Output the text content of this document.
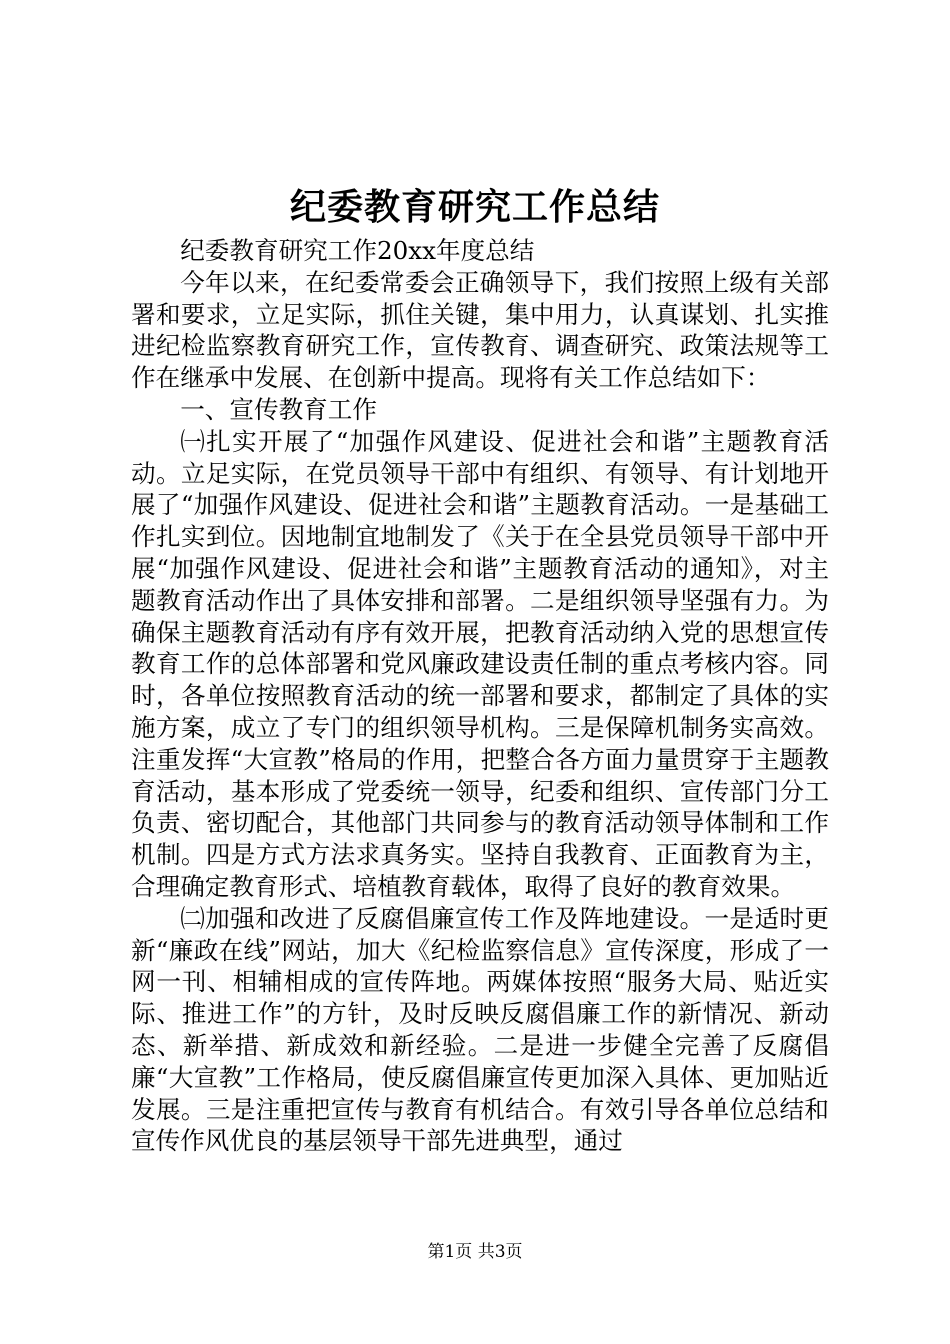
纪委教育研究工作总结

纪委教育研究工作20xx年度总结

今年以来，在纪委常委会正确领导下，我们按照上级有关部署和要求，立足实际，抓住关键，集中用力，认真谋划、扎实推进纪检监察教育研究工作，宣传教育、调查研究、政策法规等工作在继承中发展、在创新中提高。现将有关工作总结如下：

一、宣传教育工作

㈠扎实开展了“加强作风建设、促进社会和谐”主题教育活动。立足实际，在党员领导干部中有组织、有领导、有计划地开展了“加强作风建设、促进社会和谐”主题教育活动。一是基础工作扎实到位。因地制宜地制发了《关于在全县党员领导干部中开展“加强作风建设、促进社会和谐”主题教育活动的通知》，对主题教育活动作出了具体安排和部署。二是组织领导坚强有力。为确保主题教育活动有序有效开展，把教育活动纳入党的思想宣传教育工作的总体部署和党风廉政建设责任制的重点考核内容。同时，各单位按照教育活动的统一部署和要求，都制定了具体的实施方案，成立了专门的组织领导机构。三是保障机制务实高效。注重发挥“大宣教”格局的作用，把整合各方面力量贯穿于主题教育活动，基本形成了党委统一领导，纪委和组织、宣传部门分工负责、密切配合，其他部门共同参与的教育活动领导体制和工作机制。四是方式方法求真务实。坚持自我教育、正面教育为主，合理确定教育形式、培植教育载体，取得了良好的教育效果。

㈡加强和改进了反腐倡廉宣传工作及阵地建设。一是适时更新“廉政在线”网站，加大《纪检监察信息》宣传深度，形成了一网一刊、相辅相成的宣传阵地。两媒体按照“服务大局、贴近实际、推进工作”的方针，及时反映反腐倡廉工作的新情况、新动态、新举措、新成效和新经验。二是进一步健全完善了反腐倡廉“大宣教”工作格局，使反腐倡廉宣传更加深入具体、更加贴近发展。三是注重把宣传与教育有机结合。有效引导各单位总结和宣传作风优良的基层领导干部先进典型，通过

第1页 共3页
